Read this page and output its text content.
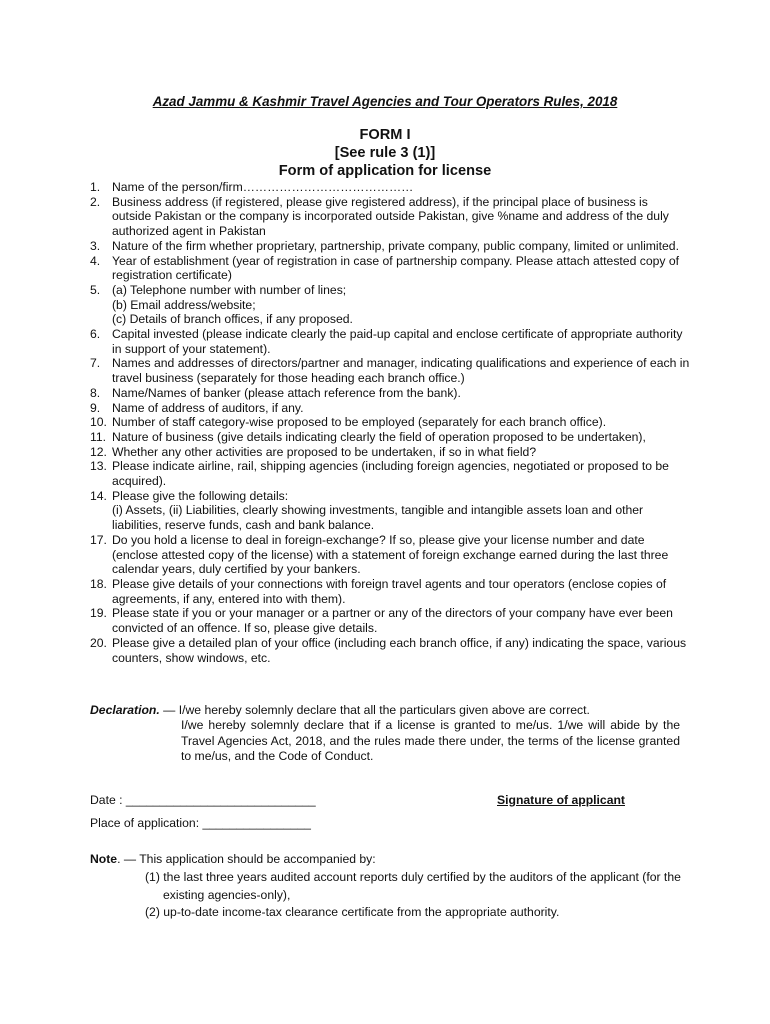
Azad Jammu & Kashmir Travel Agencies and Tour Operators Rules, 2018
FORM I
[See rule 3 (1)]
Form of application for license
1. Name of the person/firm……………………………………
2. Business address (if registered, please give registered address), if the principal place of business is outside Pakistan or the company is incorporated outside Pakistan, give %name and address of the duly authorized agent in Pakistan
3. Nature of the firm whether proprietary, partnership, private company, public company, limited or unlimited.
4. Year of establishment (year of registration in case of partnership company. Please attach attested copy of registration certificate)
5. (a) Telephone number with number of lines;
(b) Email address/website;
(c) Details of branch offices, if any proposed.
6. Capital invested (please indicate clearly the paid-up capital and enclose certificate of appropriate authority in support of your statement).
7. Names and addresses of directors/partner and manager, indicating qualifications and experience of each in travel business (separately for those heading each branch office.)
8. Name/Names of banker (please attach reference from the bank).
9. Name of address of auditors, if any.
10. Number of staff category-wise proposed to be employed (separately for each branch office).
11. Nature of business (give details indicating clearly the field of operation proposed to be undertaken),
12. Whether any other activities are proposed to be undertaken, if so in what field?
13. Please indicate airline, rail, shipping agencies (including foreign agencies, negotiated or proposed to be acquired).
14. Please give the following details:
(i) Assets, (ii) Liabilities, clearly showing investments, tangible and intangible assets loan and other liabilities, reserve funds, cash and bank balance.
17. Do you hold a license to deal in foreign-exchange? If so, please give your license number and date (enclose attested copy of the license) with a statement of foreign exchange earned during the last three calendar years, duly certified by your bankers.
18. Please give details of your connections with foreign travel agents and tour operators (enclose copies of agreements, if any, entered into with them).
19. Please state if you or your manager or a partner or any of the directors of your company have ever been convicted of an offence. If so, please give details.
20. Please give a detailed plan of your office (including each branch office, if any) indicating the space, various counters, show windows, etc.
Declaration. — I/we hereby solemnly declare that all the particulars given above are correct.
I/we hereby solemnly declare that if a license is granted to me/us. 1/we will abide by the Travel Agencies Act, 2018, and the rules made there under, the terms of the license granted to me/us, and the Code of Conduct.
Date : ____________________________	Signature of applicant
Place of application: ________________
Note. — This application should be accompanied by:
(1) the last three years audited account reports duly certified by the auditors of the applicant (for the existing agencies-only),
(2) up-to-date income-tax clearance certificate from the appropriate authority.
